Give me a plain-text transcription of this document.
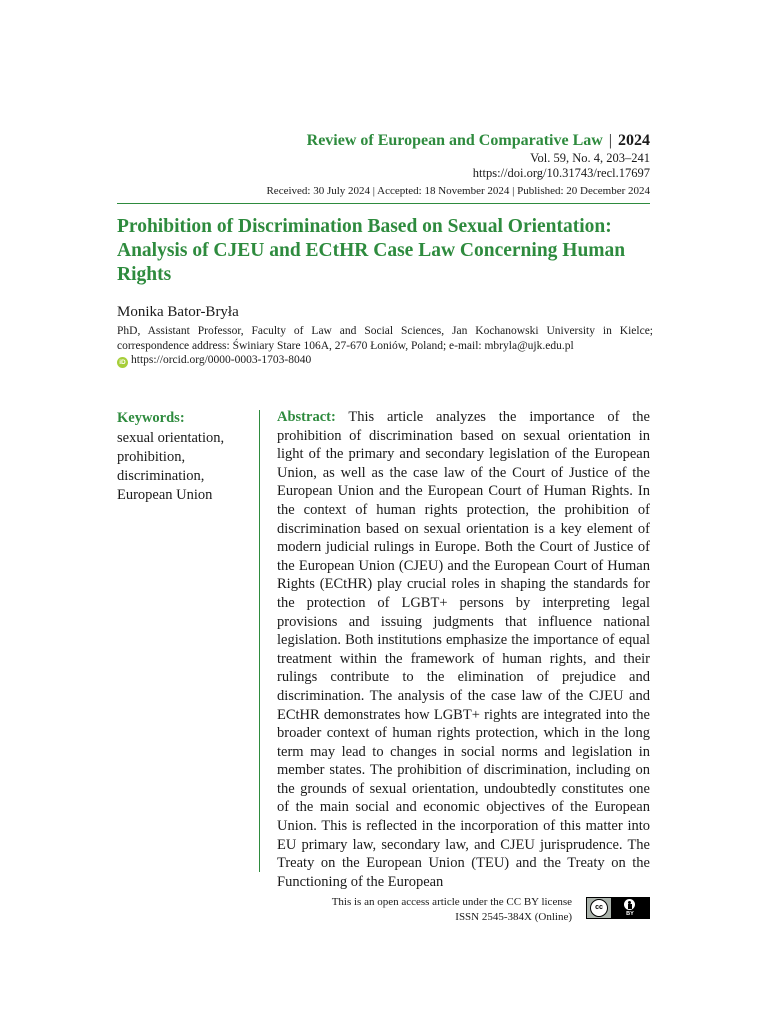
Review of European and Comparative Law | 2024
Vol. 59, No. 4, 203–241
https://doi.org/10.31743/recl.17697
Received: 30 July 2024 | Accepted: 18 November 2024 | Published: 20 December 2024
Prohibition of Discrimination Based on Sexual Orientation: Analysis of CJEU and ECtHR Case Law Concerning Human Rights
Monika Bator-Bryła
PhD, Assistant Professor, Faculty of Law and Social Sciences, Jan Kochanowski University in Kielce; correspondence address: Świniary Stare 106A, 27-670 Łoniów, Poland; e-mail: mbryla@ujk.edu.pl
iD https://orcid.org/0000-0003-1703-8040
Keywords:
sexual orientation,
prohibition,
discrimination,
European Union

Abstract: This article analyzes the importance of the prohibition of discrimination based on sexual orientation in light of the primary and secondary legislation of the European Union, as well as the case law of the Court of Justice of the European Union and the European Court of Human Rights. In the context of human rights protection, the prohibition of discrimination based on sexual orientation is a key element of modern judicial rulings in Europe. Both the Court of Justice of the European Union (CJEU) and the European Court of Human Rights (ECtHR) play crucial roles in shaping the standards for the protection of LGBT+ persons by interpreting legal provisions and issuing judgments that influence national legislation. Both institutions emphasize the importance of equal treatment within the framework of human rights, and their rulings contribute to the elimination of prejudice and discrimination. The analysis of the case law of the CJEU and ECtHR demonstrates how LGBT+ rights are integrated into the broader context of human rights protection, which in the long term may lead to changes in social norms and legislation in member states. The prohibition of discrimination, including on the grounds of sexual orientation, undoubtedly constitutes one of the main social and economic objectives of the European Union. This is reflected in the incorporation of this matter into EU primary law, secondary law, and CJEU jurisprudence. The Treaty on the European Union (TEU) and the Treaty on the Functioning of the European

This is an open access article under the CC BY license
ISSN 2545-384X (Online)
cc
BY
